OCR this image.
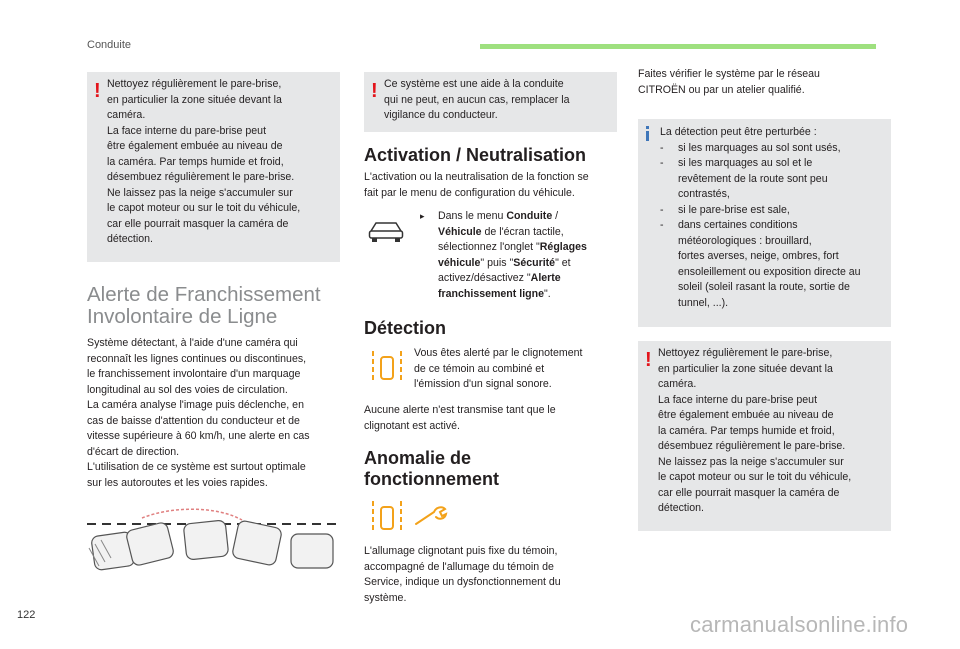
Conduite
! Nettoyez régulièrement le pare-brise,

en particulier la zone située devant la

caméra.

La face interne du pare-brise peut

être également embuée au niveau de

la caméra. Par temps humide et froid,

désembuez régulièrement le pare-brise.

Ne laissez pas la neige s'accumuler sur

le capot moteur ou sur le toit du véhicule,

car elle pourrait masquer la caméra de

détection.

Alerte de Franchissement
Involontaire de Ligne

Système détectant, à l'aide d'une caméra qui

reconnaît les lignes continues ou discontinues,

le franchissement involontaire d'un marquage

longitudinal au sol des voies de circulation.

La caméra analyse l'image puis déclenche, en

cas de baisse d'attention du conducteur et de

vitesse supérieure à 60 km/h, une alerte en cas

d'écart de direction.

L'utilisation de ce système est surtout optimale

sur les autoroutes et les voies rapides.

! Ce système est une aide à la conduite

qui ne peut, en aucun cas, remplacer la

vigilance du conducteur.

Activation / Neutralisation

L'activation ou la neutralisation de la fonction se

fait par le menu de configuration du véhicule.

▸ Dans le menu Conduite /

Véhicule de l'écran tactile,

sélectionnez l'onglet "Réglages

véhicule" puis "Sécurité" et

activez/désactivez "Alerte

franchissement ligne".

Détection

Vous êtes alerté par le clignotement

de ce témoin au combiné et

l'émission d'un signal sonore.

Aucune alerte n'est transmise tant que le

clignotant est activé.

Anomalie de
fonctionnement

L'allumage clignotant puis fixe du témoin,

accompagné de l'allumage du témoin de

Service, indique un dysfonctionnement du

système.

Faites vérifier le système par le réseau

CITROËN ou par un atelier qualifié.

La détection peut être perturbée :

- si les marquages au sol sont usés,
- si les marquages au sol et le
revêtement de la route sont peu
contrastés,
- si le pare-brise est sale,
- dans certaines conditions
météorologiques : brouillard,
fortes averses, neige, ombres, fort
ensoleillement ou exposition directe au
soleil (soleil rasant la route, sortie de
tunnel, ...).
! Nettoyez régulièrement le pare-brise,

en particulier la zone située devant la

caméra.

La face interne du pare-brise peut

être également embuée au niveau de

la caméra. Par temps humide et froid,

désembuez régulièrement le pare-brise.

Ne laissez pas la neige s'accumuler sur

le capot moteur ou sur le toit du véhicule,

car elle pourrait masquer la caméra de

détection.

122	carmanualsonline.info
